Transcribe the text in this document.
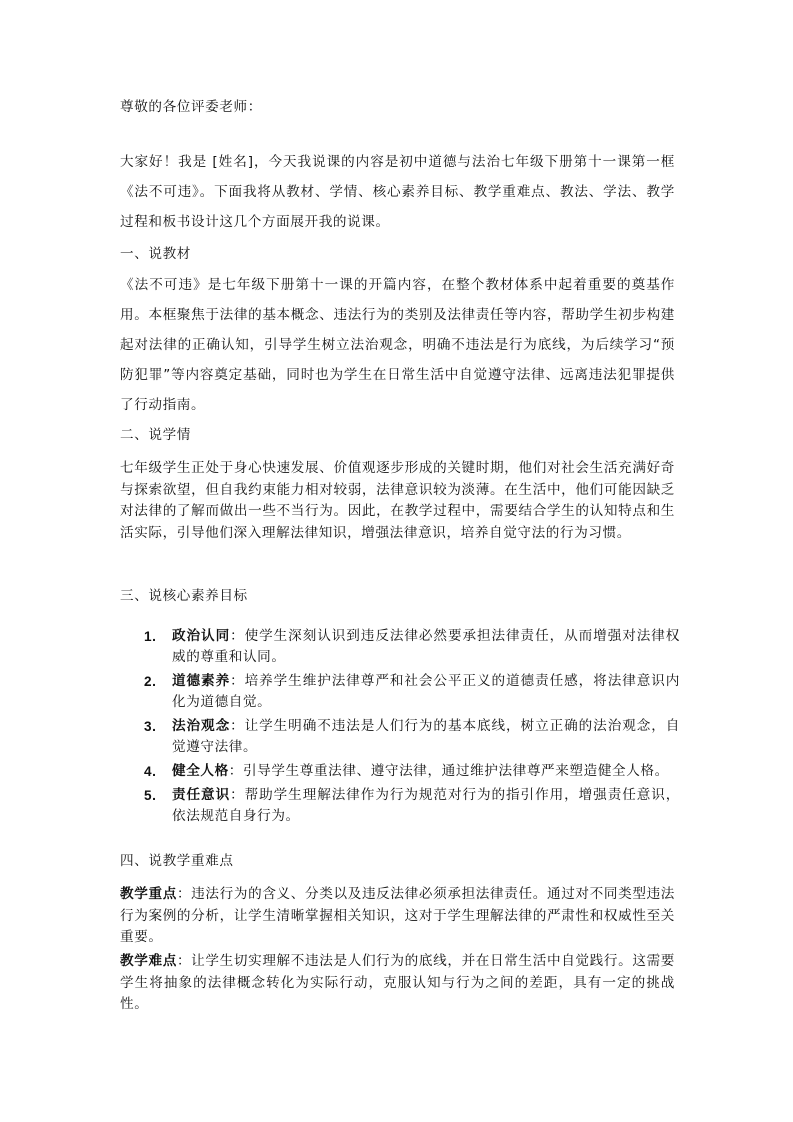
尊敬的各位评委老师：

大家好！我是 [姓名]，今天我说课的内容是初中道德与法治七年级下册第十一课第一框《法不可违》。下面我将从教材、学情、核心素养目标、教学重难点、教法、学法、教学过程和板书设计这几个方面展开我的说课。

一、说教材

《法不可违》是七年级下册第十一课的开篇内容，在整个教材体系中起着重要的奠基作用。本框聚焦于法律的基本概念、违法行为的类别及法律责任等内容，帮助学生初步构建起对法律的正确认知，引导学生树立法治观念，明确不违法是行为底线，为后续学习“预防犯罪”等内容奠定基础，同时也为学生在日常生活中自觉遵守法律、远离违法犯罪提供了行动指南。

二、说学情

七年级学生正处于身心快速发展、价值观逐步形成的关键时期，他们对社会生活充满好奇与探索欲望，但自我约束能力相对较弱，法律意识较为淡薄。在生活中，他们可能因缺乏对法律的了解而做出一些不当行为。因此，在教学过程中，需要结合学生的认知特点和生活实际，引导他们深入理解法律知识，增强法律意识，培养自觉守法的行为习惯。

三、说核心素养目标

1. 政治认同：使学生深刻认识到违反法律必然要承担法律责任，从而增强对法律权威的尊重和认同。
2. 道德素养：培养学生维护法律尊严和社会公平正义的道德责任感，将法律意识内化为道德自觉。
3. 法治观念：让学生明确不违法是人们行为的基本底线，树立正确的法治观念，自觉遵守法律。
4. 健全人格：引导学生尊重法律、遵守法律，通过维护法律尊严来塑造健全人格。
5. 责任意识：帮助学生理解法律作为行为规范对行为的指引作用，增强责任意识，依法规范自身行为。

四、说教学重难点

教学重点：违法行为的含义、分类以及违反法律必须承担法律责任。通过对不同类型违法行为案例的分析，让学生清晰掌握相关知识，这对于学生理解法律的严肃性和权威性至关重要。

教学难点：让学生切实理解不违法是人们行为的底线，并在日常生活中自觉践行。这需要学生将抽象的法律概念转化为实际行动，克服认知与行为之间的差距，具有一定的挑战性。
